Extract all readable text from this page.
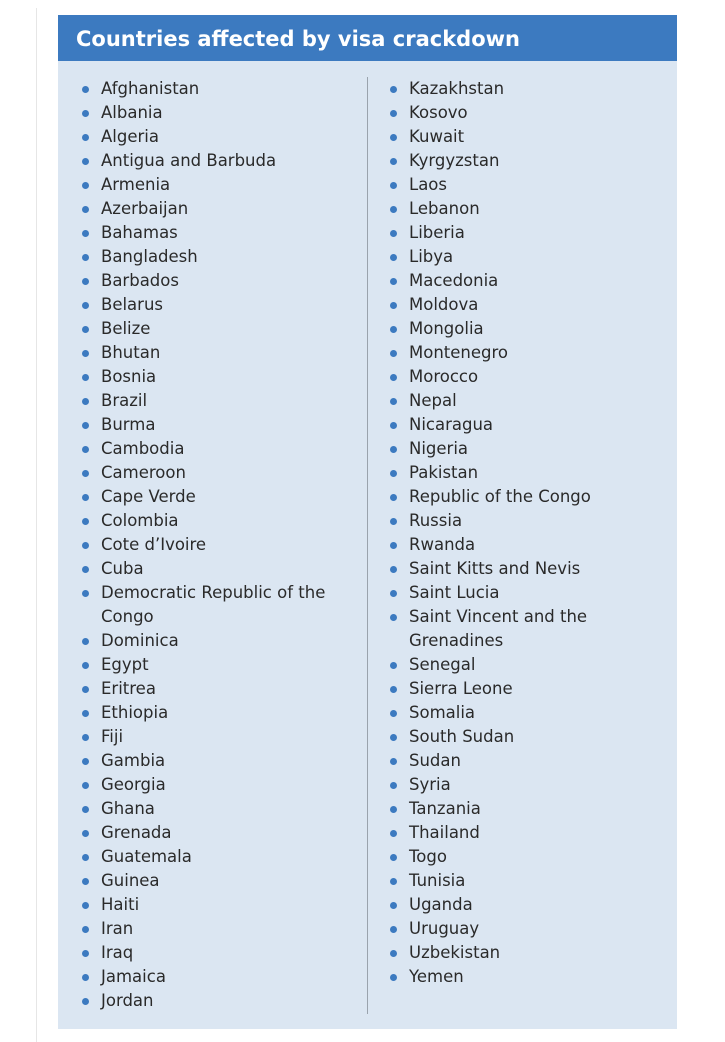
Countries affected by visa crackdown
Afghanistan
Albania
Algeria
Antigua and Barbuda
Armenia
Azerbaijan
Bahamas
Bangladesh
Barbados
Belarus
Belize
Bhutan
Bosnia
Brazil
Burma
Cambodia
Cameroon
Cape Verde
Colombia
Cote d’Ivoire
Cuba
Democratic Republic of the Congo
Dominica
Egypt
Eritrea
Ethiopia
Fiji
Gambia
Georgia
Ghana
Grenada
Guatemala
Guinea
Haiti
Iran
Iraq
Jamaica
Jordan
Kazakhstan
Kosovo
Kuwait
Kyrgyzstan
Laos
Lebanon
Liberia
Libya
Macedonia
Moldova
Mongolia
Montenegro
Morocco
Nepal
Nicaragua
Nigeria
Pakistan
Republic of the Congo
Russia
Rwanda
Saint Kitts and Nevis
Saint Lucia
Saint Vincent and the Grenadines
Senegal
Sierra Leone
Somalia
South Sudan
Sudan
Syria
Tanzania
Thailand
Togo
Tunisia
Uganda
Uruguay
Uzbekistan
Yemen
